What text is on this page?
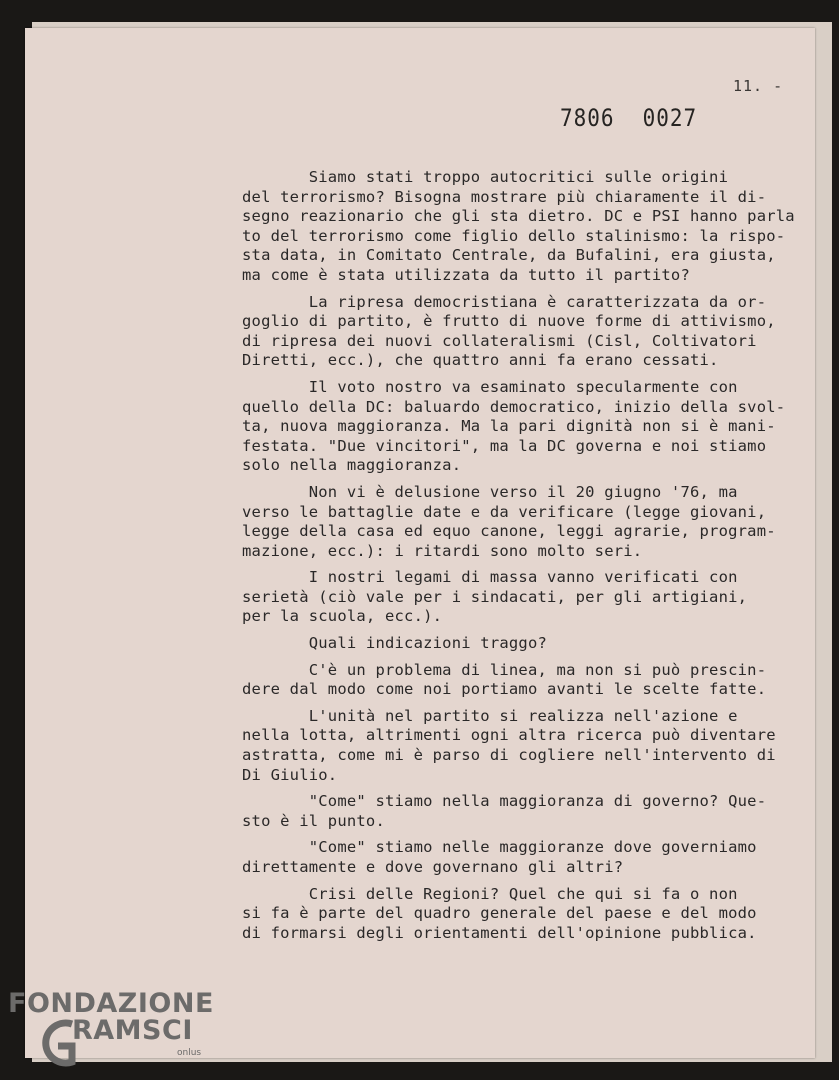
11. -
7806 0027
Siamo stati troppo autocritici sulle origini
del terrorismo? Bisogna mostrare più chiaramente il di-
segno reazionario che gli sta dietro. DC e PSI hanno parla
to del terrorismo come figlio dello stalinismo: la rispo-
sta data, in Comitato Centrale, da Bufalini, era giusta,
ma come è stata utilizzata da tutto il partito?
La ripresa democristiana è caratterizzata da or-
goglio di partito, è frutto di nuove forme di attivismo,
di ripresa dei nuovi collateralismi (Cisl, Coltivatori
Diretti, ecc.), che quattro anni fa erano cessati.
Il voto nostro va esaminato specularmente con
quello della DC: baluardo democratico, inizio della svol-
ta, nuova maggioranza. Ma la pari dignità non si è mani-
festata. "Due vincitori", ma la DC governa e noi stiamo
solo nella maggioranza.
Non vi è delusione verso il 20 giugno '76, ma
verso le battaglie date e da verificare (legge giovani,
legge della casa ed equo canone, leggi agrarie, program-
mazione, ecc.): i ritardi sono molto seri.
I nostri legami di massa vanno verificati con
serietà (ciò vale per i sindacati, per gli artigiani,
per la scuola, ecc.).
Quali indicazioni traggo?
C'è un problema di linea, ma non si può prescin-
dere dal modo come noi portiamo avanti le scelte fatte.
L'unità nel partito si realizza nell'azione e
nella lotta, altrimenti ogni altra ricerca può diventare
astratta, come mi è parso di cogliere nell'intervento di
Di Giulio.
"Come" stiamo nella maggioranza di governo? Que-
sto è il punto.
"Come" stiamo nelle maggioranze dove governiamo
direttamente e dove governano gli altri?
Crisi delle Regioni? Quel che qui si fa o non
si fa è parte del quadro generale del paese e del modo
di formarsi degli orientamenti dell'opinione pubblica.
FONDAZIONE
RAMSCI
onlus
